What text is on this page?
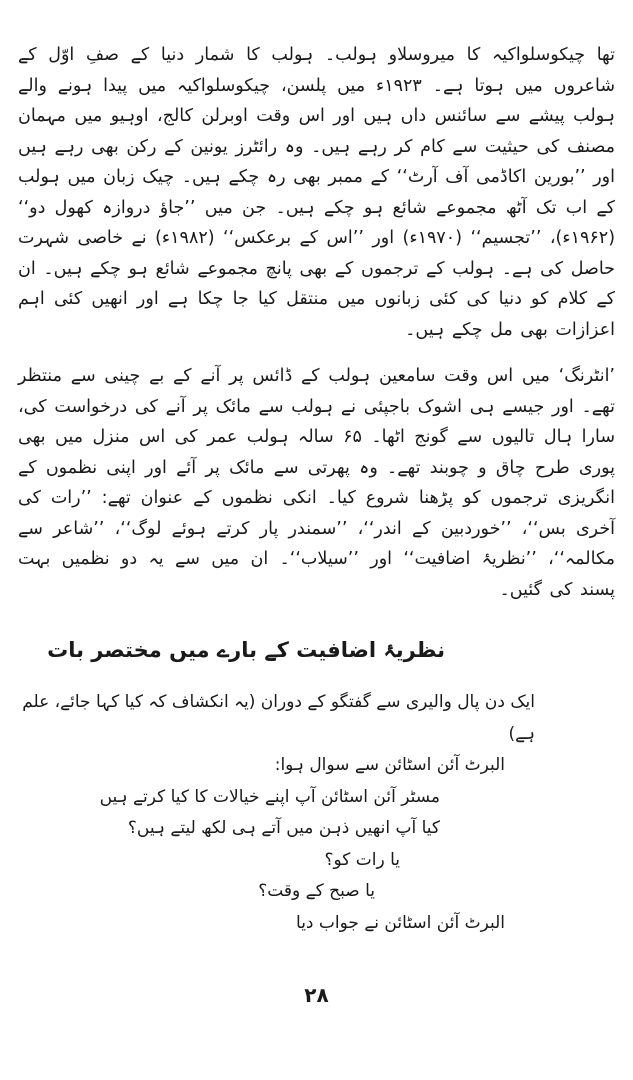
تھا چیکوسلواکیہ کا میروسلاو ہولب۔ ہولب کا شمار دنیا کے صفِ اوّل کے شاعروں میں ہوتا ہے۔ ۱۹۲۳ء میں پلسن، چیکوسلواکیہ میں پیدا ہونے والے ہولب پیشے سے سائنس داں ہیں اور اس وقت اوبرلن کالج، اوہیو میں مہمان مصنف کی حیثیت سے کام کر رہے ہیں۔ وہ رائٹرز یونین کے رکن بھی رہے ہیں اور ’’بورین اکاڈمی آف آرٹ‘‘ کے ممبر بھی رہ چکے ہیں۔ چیک زبان میں ہولب کے اب تک آٹھ مجموعے شائع ہو چکے ہیں۔ جن میں ’’جاؤ دروازہ کھول دو‘‘ (۱۹۶۲ء)، ’’تجسیم‘‘ (۱۹۷۰ء) اور ’’اس کے برعکس‘‘ (۱۹۸۲ء) نے خاصی شہرت حاصل کی ہے۔ ہولب کے ترجموں کے بھی پانچ مجموعے شائع ہو چکے ہیں۔ ان کے کلام کو دنیا کی کئی زبانوں میں منتقل کیا جا چکا ہے اور انھیں کئی اہم اعزازات بھی مل چکے ہیں۔

’انٹرنگ‘ میں اس وقت سامعین ہولب کے ڈائس پر آنے کے بے چینی سے منتظر تھے۔ اور جیسے ہی اشوک باجپئی نے ہولب سے مائک پر آنے کی درخواست کی، سارا ہال تالیوں سے گونج اٹھا۔ ۶۵ سالہ ہولب عمر کی اس منزل میں بھی پوری طرح چاق و چوبند تھے۔ وہ پھرتی سے مائک پر آئے اور اپنی نظموں کے انگریزی ترجموں کو پڑھنا شروع کیا۔ انکی نظموں کے عنوان تھے: ’’رات کی آخری بس‘‘، ’’خوردبین کے اندر‘‘، ’’سمندر پار کرتے ہوئے لوگ‘‘، ’’شاعر سے مکالمہ‘‘، ’’نظریۂ اضافیت‘‘ اور ’’سیلاب‘‘۔ ان میں سے یہ دو نظمیں بہت پسند کی گئیں۔

نظریۂ اضافیت کے بارے میں مختصر بات
ایک دن پال والیری سے گفتگو کے دوران (یہ انکشاف کہ کیا کہا جائے، علم ہے)
البرٹ آئن اسٹائن سے سوال ہوا:
مسٹر آئن اسٹائن آپ اپنے خیالات کا کیا کرتے ہیں
کیا آپ انھیں ذہن میں آتے ہی لکھ لیتے ہیں؟
یا رات کو؟
یا صبح کے وقت؟
البرٹ آئن اسٹائن نے جواب دیا
۲۸
